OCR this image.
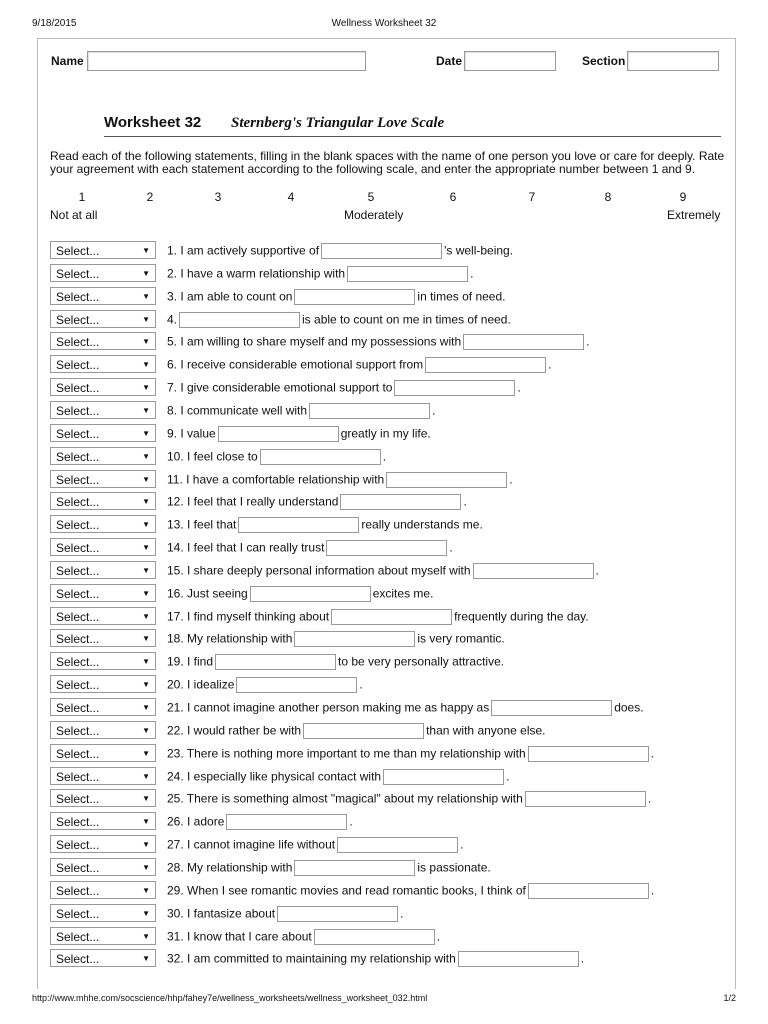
9/18/2015	Wellness Worksheet 32
Name	Date	Section
Worksheet 32 Sternberg's Triangular Love Scale
Read each of the following statements, filling in the blank spaces with the name of one person you love or care for deeply. Rate your agreement with each statement according to the following scale, and enter the appropriate number between 1 and 9.
1	2	3	4	5	6	7	8	9
Not at all	Moderately	Extremely
Select...	▼ 1. I am actively supportive of	's well-being.
Select...	▼ 2. I have a warm relationship with	.
Select...	▼ 3. I am able to count on	in times of need.
Select...	▼ 4.	is able to count on me in times of need.
Select...	▼ 5. I am willing to share myself and my possessions with	.
Select...	▼ 6. I receive considerable emotional support from	.
Select...	▼ 7. I give considerable emotional support to	.
Select...	▼ 8. I communicate well with	.
Select...	▼ 9. I value	greatly in my life.
Select...	▼ 10. I feel close to	.
Select...	▼ 11. I have a comfortable relationship with	.
Select...	▼ 12. I feel that I really understand	.
Select...	▼ 13. I feel that	really understands me.
Select...	▼ 14. I feel that I can really trust	.
Select...	▼ 15. I share deeply personal information about myself with	.
Select...	▼ 16. Just seeing	excites me.
Select...	▼ 17. I find myself thinking about	frequently during the day.
Select...	▼ 18. My relationship with	is very romantic.
Select...	▼ 19. I find	to be very personally attractive.
Select...	▼ 20. I idealize	.
Select...	▼ 21. I cannot imagine another person making me as happy as	does.
Select...	▼ 22. I would rather be with	than with anyone else.
Select...	▼ 23. There is nothing more important to me than my relationship with	.
Select...	▼ 24. I especially like physical contact with	.
Select...	▼ 25. There is something almost "magical" about my relationship with	.
Select...	▼ 26. I adore	.
Select...	▼ 27. I cannot imagine life without	.
Select...	▼ 28. My relationship with	is passionate.
Select...	▼ 29. When I see romantic movies and read romantic books, I think of	.
Select...	▼ 30. I fantasize about	.
Select...	▼ 31. I know that I care about	.
Select...	▼ 32. I am committed to maintaining my relationship with	.
http://www.mhhe.com/socscience/hhp/fahey7e/wellness_worksheets/wellness_worksheet_032.html	1/2
